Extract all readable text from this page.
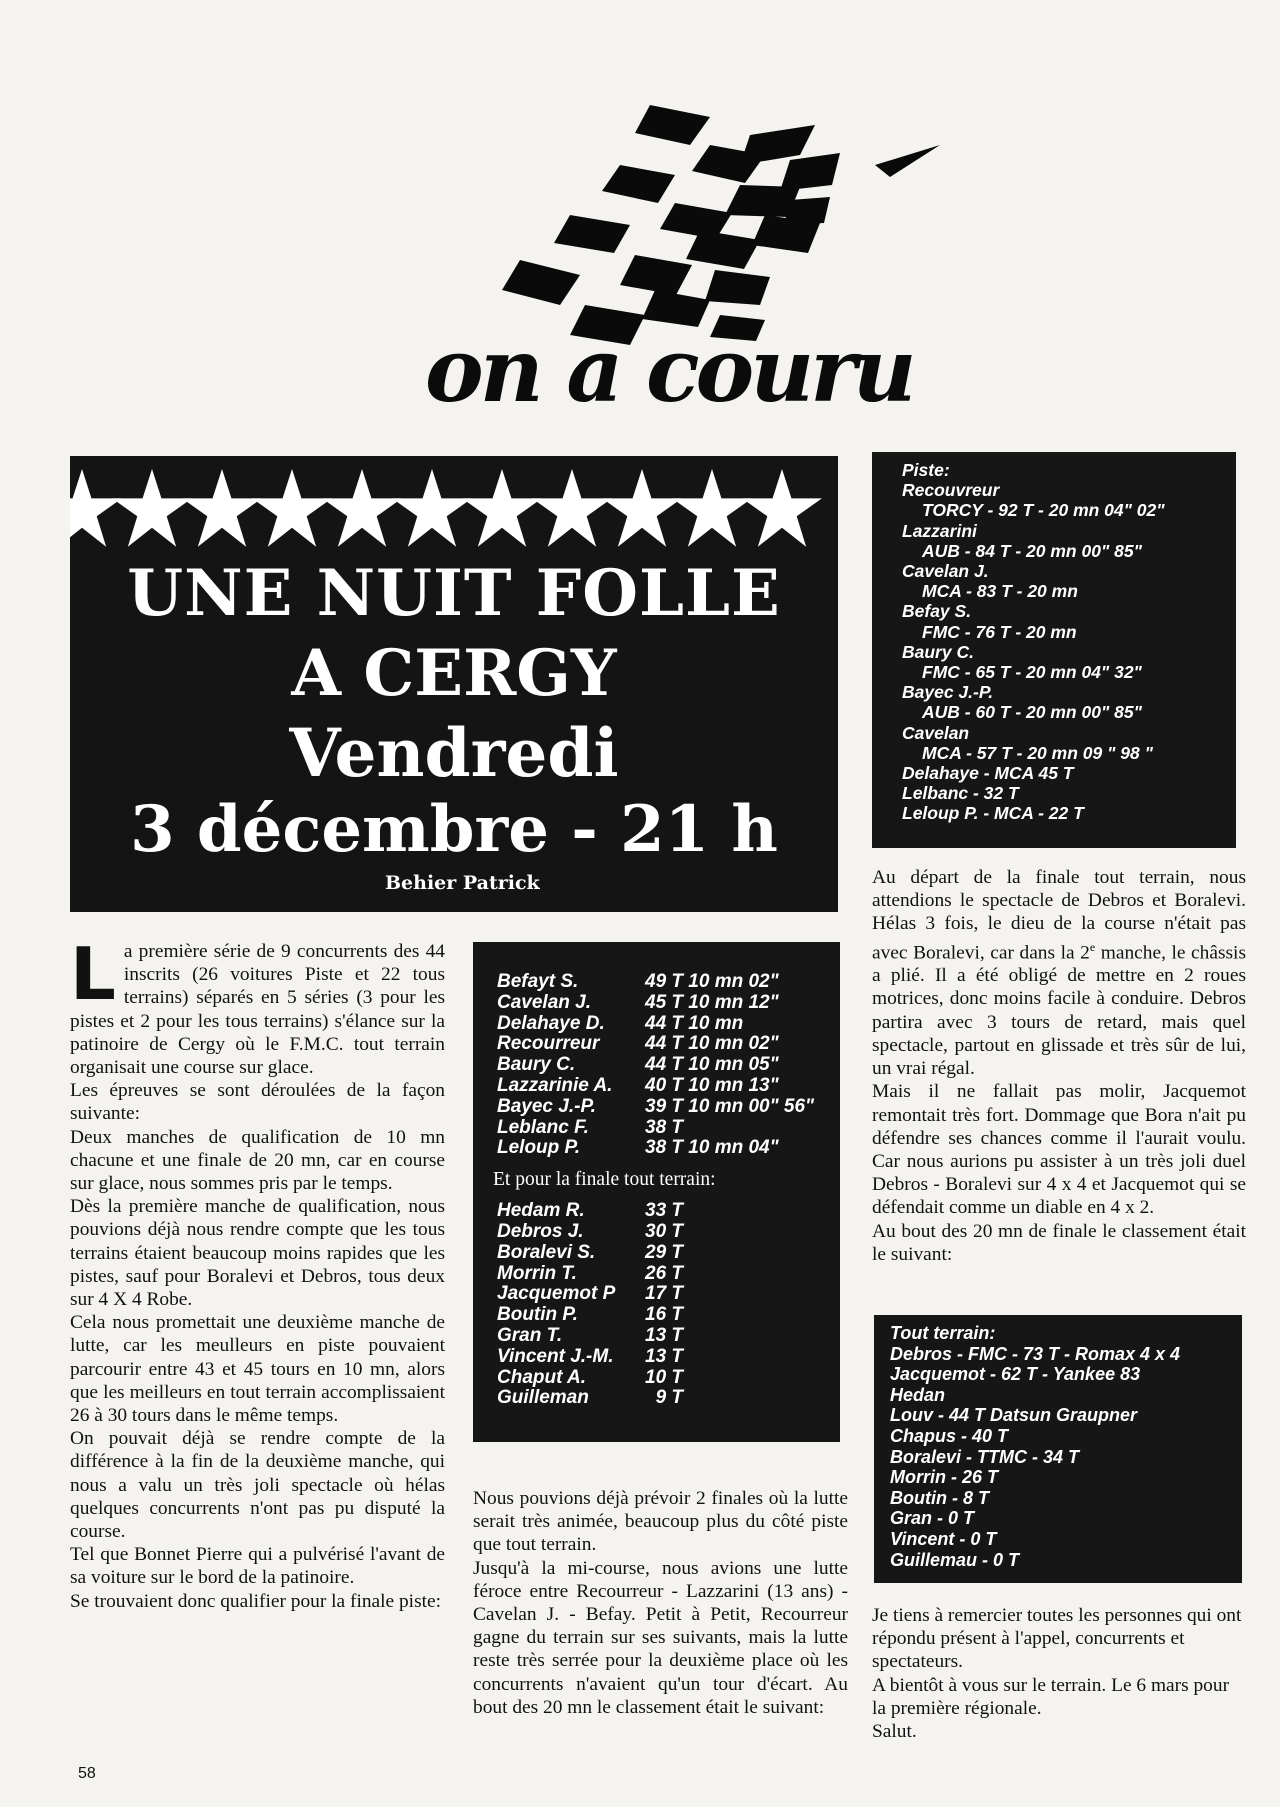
on a couru
UNE NUIT FOLLE
A CERGY
Vendredi
3 décembre - 21 h
Behier Patrick

La première série de 9 concurrents des 44 inscrits (26 voitures Piste et 22 tous terrains) séparés en 5 séries (3 pour les pistes et 2 pour les tous terrains) s'élance sur la patinoire de Cergy où le F.M.C. tout terrain organisait une course sur glace.

Les épreuves se sont déroulées de la façon suivante:

Deux manches de qualification de 10 mn chacune et une finale de 20 mn, car en course sur glace, nous sommes pris par le temps.

Dès la première manche de qualification, nous pouvions déjà nous rendre compte que les tous terrains étaient beaucoup moins rapides que les pistes, sauf pour Boralevi et Debros, tous deux sur 4 X 4 Robe.

Cela nous promettait une deuxième manche de lutte, car les meulleurs en piste pouvaient parcourir entre 43 et 45 tours en 10 mn, alors que les meilleurs en tout terrain accomplissaient 26 à 30 tours dans le même temps.

On pouvait déjà se rendre compte de la différence à la fin de la deuxième manche, qui nous a valu un très joli spectacle où hélas quelques concurrents n'ont pas pu disputé la course.

Tel que Bonnet Pierre qui a pulvérisé l'avant de sa voiture sur le bord de la patinoire.

Se trouvaient donc qualifier pour la finale piste:

Befayt S.	49 T 10 mn 02"
Cavelan J.	45 T 10 mn 12"
Delahaye D.	44 T 10 mn
Recourreur	44 T 10 mn 02"
Baury C.	44 T 10 mn 05"
Lazzarinie A.	40 T 10 mn 13"
Bayec J.-P.	39 T 10 mn 00" 56"
Leblanc F.	38 T
Leloup P.	38 T 10 mn 04"
Et pour la finale tout terrain:
Hedam R.	33 T
Debros J.	30 T
Boralevi S.	29 T
Morrin T.	26 T
Jacquemot P	17 T
Boutin P.	16 T
Gran T.	13 T
Vincent J.-M.	13 T
Chaput A.	10 T
Guilleman	9 T

Nous pouvions déjà prévoir 2 finales où la lutte serait très animée, beaucoup plus du côté piste que tout terrain.

Jusqu'à la mi-course, nous avions une lutte féroce entre Recourreur - Lazzarini (13 ans) - Cavelan J. - Befay. Petit à Petit, Recourreur gagne du terrain sur ses suivants, mais la lutte reste très serrée pour la deuxième place où les concurrents n'avaient qu'un tour d'écart. Au bout des 20 mn le classement était le suivant:

Piste:
Recouvreur
TORCY - 92 T - 20 mn 04" 02"
Lazzarini
AUB - 84 T - 20 mn 00" 85"
Cavelan J.
MCA - 83 T - 20 mn
Befay S.
FMC - 76 T - 20 mn
Baury C.
FMC - 65 T - 20 mn 04" 32"
Bayec J.-P.
AUB - 60 T - 20 mn 00" 85"
Cavelan
MCA - 57 T - 20 mn 09 " 98 "
Delahaye - MCA 45 T
Lelbanc - 32 T
Leloup P. - MCA - 22 T

Au départ de la finale tout terrain, nous attendions le spectacle de Debros et Boralevi. Hélas 3 fois, le dieu de la course n'était pas avec Boralevi, car dans la 2e manche, le châssis a plié. Il a été obligé de mettre en 2 roues motrices, donc moins facile à conduire. Debros partira avec 3 tours de retard, mais quel spectacle, partout en glissade et très sûr de lui, un vrai régal.

Mais il ne fallait pas molir, Jacquemot remontait très fort. Dommage que Bora n'ait pu défendre ses chances comme il l'aurait voulu. Car nous aurions pu assister à un très joli duel Debros - Boralevi sur 4 x 4 et Jacquemot qui se défendait comme un diable en 4 x 2.

Au bout des 20 mn de finale le classement était le suivant:

Tout terrain:
Debros - FMC - 73 T - Romax 4 x 4
Jacquemot - 62 T - Yankee 83
Hedan
Louv - 44 T Datsun Graupner
Chapus - 40 T
Boralevi - TTMC - 34 T
Morrin - 26 T
Boutin - 8 T
Gran - 0 T
Vincent - 0 T
Guillemau - 0 T

Je tiens à remercier toutes les personnes qui ont répondu présent à l'appel, concurrents et spectateurs.

A bientôt à vous sur le terrain. Le 6 mars pour la première régionale.

Salut.

58
